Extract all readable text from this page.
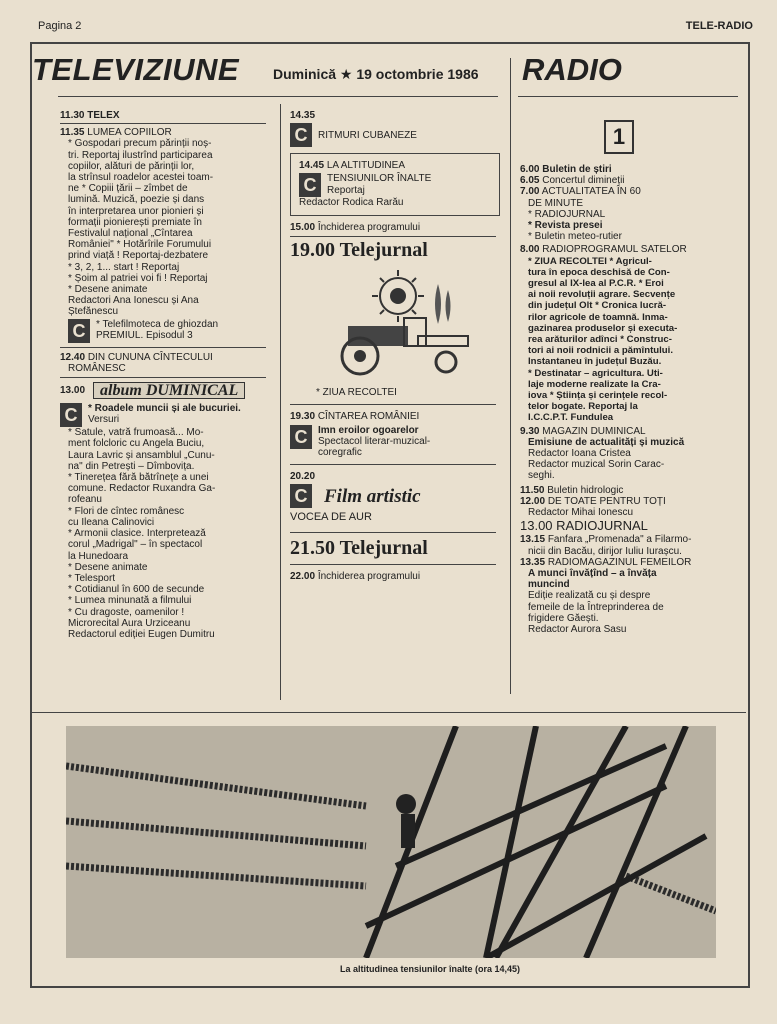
Pagina 2	TELE-RADIO
TELEVIZIUNE Duminică ★ 19 octombrie 1986 RADIO
11.30 TELEX
11.35 LUMEA COPIILOR

* Gospodari precum părinții noș-

tri. Reportaj ilustrînd participarea

copiilor, alături de părinții lor,

la strînsul roadelor acestei toam-

ne * Copiii țării – zîmbet de

lumină. Muzică, poezie și dans

în interpretarea unor pionieri și

formații pionierești premiate în

Festivalul național „Cîntarea

României" * Hotărîrile Forumului

prind viață ! Reportaj-dezbatere

* 3, 2, 1... start ! Reportaj

* Șoim al patriei voi fi ! Reportaj

* Desene animate

Redactori Ana Ionescu și Ana

Ștefănescu

C	* Telefilmoteca de ghiozdan

PREMIUL. Episodul 3

12.40 DIN CUNUNA CÎNTECULUI

ROMÂNESC

13.00 album DUMINICAL
C	* Roadele muncii și ale bucuriei.

Versuri

* Satule, vatră frumoasă... Mo-

ment folcloric cu Angela Buciu,

Laura Lavric și ansamblul „Cunu-

na" din Petrești – Dîmbovița.

* Tinerețea fără bătrînețe a unei

comune. Redactor Ruxandra Ga-

rofeanu

* Flori de cîntec românesc

cu Ileana Calinovici

* Armonii clasice. Interpretează

corul „Madrigal" – în spectacol

la Hunedoara

* Desene animate

* Telesport

* Cotidianul în 600 de secunde

* Lumea minunată a filmului

* Cu dragoste, oamenilor !

Microrecital Aura Urziceanu

Redactorul ediției Eugen Dumitru

14.35
C	RITMURI CUBANEZE
14.45 LA ALTITUDINEA
C	TENSIUNILOR ÎNALTE

Reportaj

Redactor Rodica Rarău

15.00 Închiderea programului
19.00 Telejurnal
* ZIUA RECOLTEI
19.30 CÎNTAREA ROMÂNIEI
C	Imn eroilor ogoarelor

Spectacol literar-muzical-

coregrafic

20.20
C Film artistic

VOCEA DE AUR

21.50 Telejurnal
22.00 Închiderea programului
1

6.00 Buletin de știri

6.05 Concertul dimineții

7.00 ACTUALITATEA ÎN 60

DE MINUTE

* RADIOJURNAL

* Revista presei

* Buletin meteo-rutier

8.00 RADIOPROGRAMUL SATELOR

* ZIUA RECOLTEI * Agricul-

tura în epoca deschisă de Con-

gresul al IX-lea al P.C.R. * Eroi

ai noii revoluții agrare. Secvențe

din județul Olt * Cronica lucră-

rilor agricole de toamnă. Inma-

gazinarea produselor și executa-

rea arăturilor adînci * Construc-

tori ai noii rodnicii a pămîntului.

Instantaneu în județul Buzău.

* Destinatar – agricultura. Uti-

laje moderne realizate la Cra-

iova * Știința și cerințele recol-

telor bogate. Reportaj la

I.C.C.P.T. Fundulea

9.30 MAGAZIN DUMINICAL

Emisiune de actualități și muzică

Redactor Ioana Cristea

Redactor muzical Sorin Carac-

seghi.

11.50 Buletin hidrologic

12.00 DE TOATE PENTRU TOȚI

Redactor Mihai Ionescu

13.00 RADIOJURNAL

13.15 Fanfara „Promenada" a Filarmo-

nicii din Bacău, dirijor Iuliu Iurașcu.

13.35 RADIOMAGAZINUL FEMEILOR

A munci învățînd – a învăța

muncind

Ediție realizată cu și despre

femeile de la Întreprinderea de

frigidere Găești.

Redactor Aurora Sasu

La altitudinea tensiunilor înalte (ora 14,45)
